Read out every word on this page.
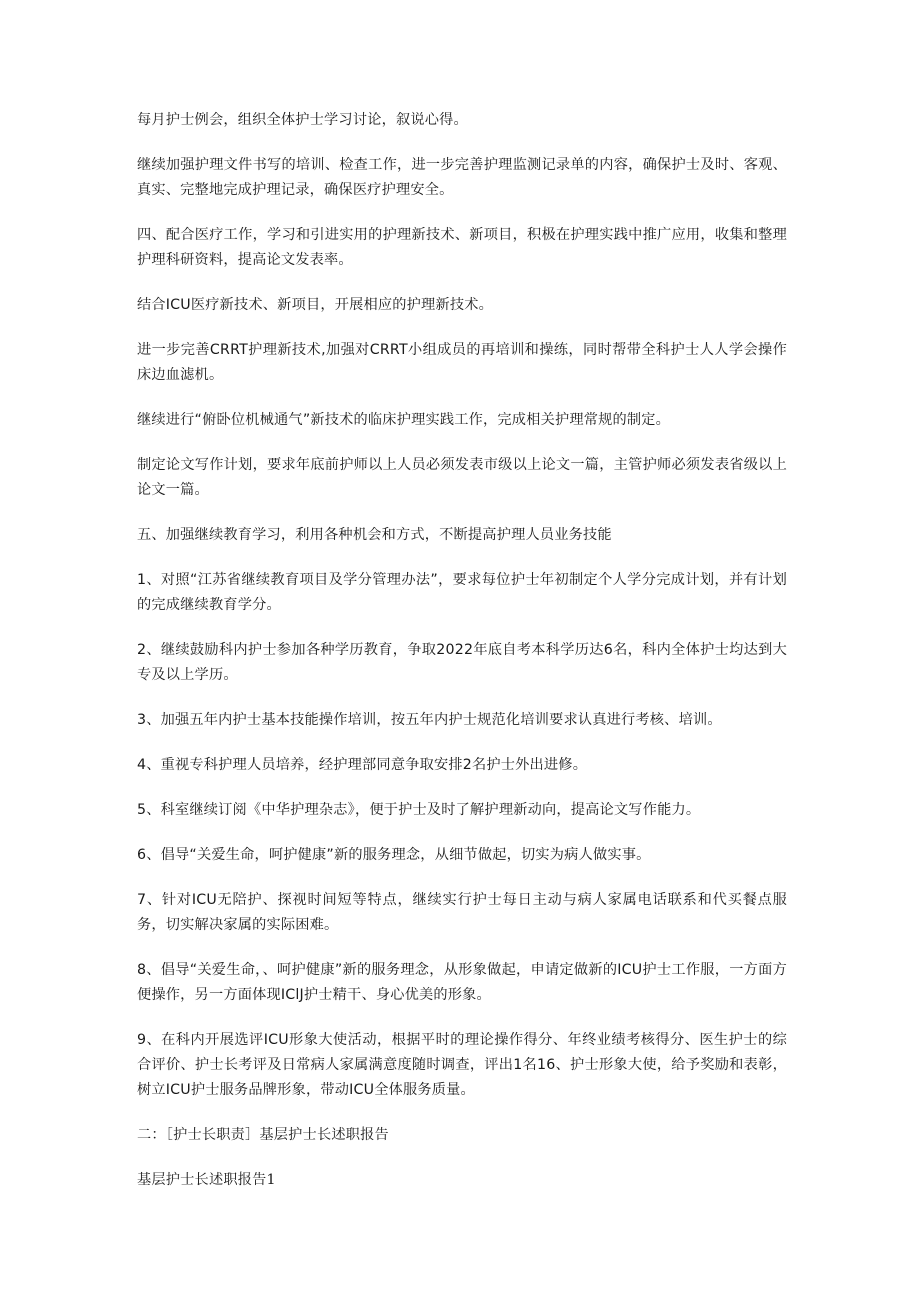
每月护士例会，组织全体护士学习讨论，叙说心得。

继续加强护理文件书写的培训、检查工作，进一步完善护理监测记录单的内容，确保护士及时、客观、真实、完整地完成护理记录，确保医疗护理安全。

四、配合医疗工作，学习和引进实用的护理新技术、新项目，积极在护理实践中推广应用，收集和整理护理科研资料，提高论文发表率。

结合ICU医疗新技术、新项目，开展相应的护理新技术。

进一步完善CRRT护理新技术,加强对CRRT小组成员的再培训和操练，同时帮带全科护士人人学会操作床边血滤机。

继续进行“俯卧位机械通气”新技术的临床护理实践工作，完成相关护理常规的制定。

制定论文写作计划，要求年底前护师以上人员必须发表市级以上论文一篇，主管护师必须发表省级以上论文一篇。

五、加强继续教育学习，利用各种机会和方式，不断提高护理人员业务技能

1、对照“江苏省继续教育项目及学分管理办法”，要求每位护士年初制定个人学分完成计划，并有计划的完成继续教育学分。

2、继续鼓励科内护士参加各种学历教育，争取2022年底自考本科学历达6名，科内全体护士均达到大专及以上学历。

3、加强五年内护士基本技能操作培训，按五年内护士规范化培训要求认真进行考核、培训。

4、重视专科护理人员培养，经护理部同意争取安排2名护士外出进修。

5、科室继续订阅《中华护理杂志》，便于护士及时了解护理新动向，提高论文写作能力。

6、倡导“关爱生命，呵护健康”新的服务理念，从细节做起，切实为病人做实事。

7、针对ICU无陪护、探视时间短等特点，继续实行护士每日主动与病人家属电话联系和代买餐点服务，切实解决家属的实际困难。

8、倡导“关爱生命，、呵护健康”新的服务理念，从形象做起，申请定做新的ICU护士工作服，一方面方便操作，另一方面体现IClJ护士精干、身心优美的形象。

9、在科内开展选评ICU形象大使活动，根据平时的理论操作得分、年终业绩考核得分、医生护士的综合评价、护士长考评及日常病人家属满意度随时调查，评出1名16、护士形象大使，给予奖励和表彰，树立ICU护士服务品牌形象，带动ICU全体服务质量。

二：［护士长职责］基层护士长述职报告

基层护士长述职报告1
